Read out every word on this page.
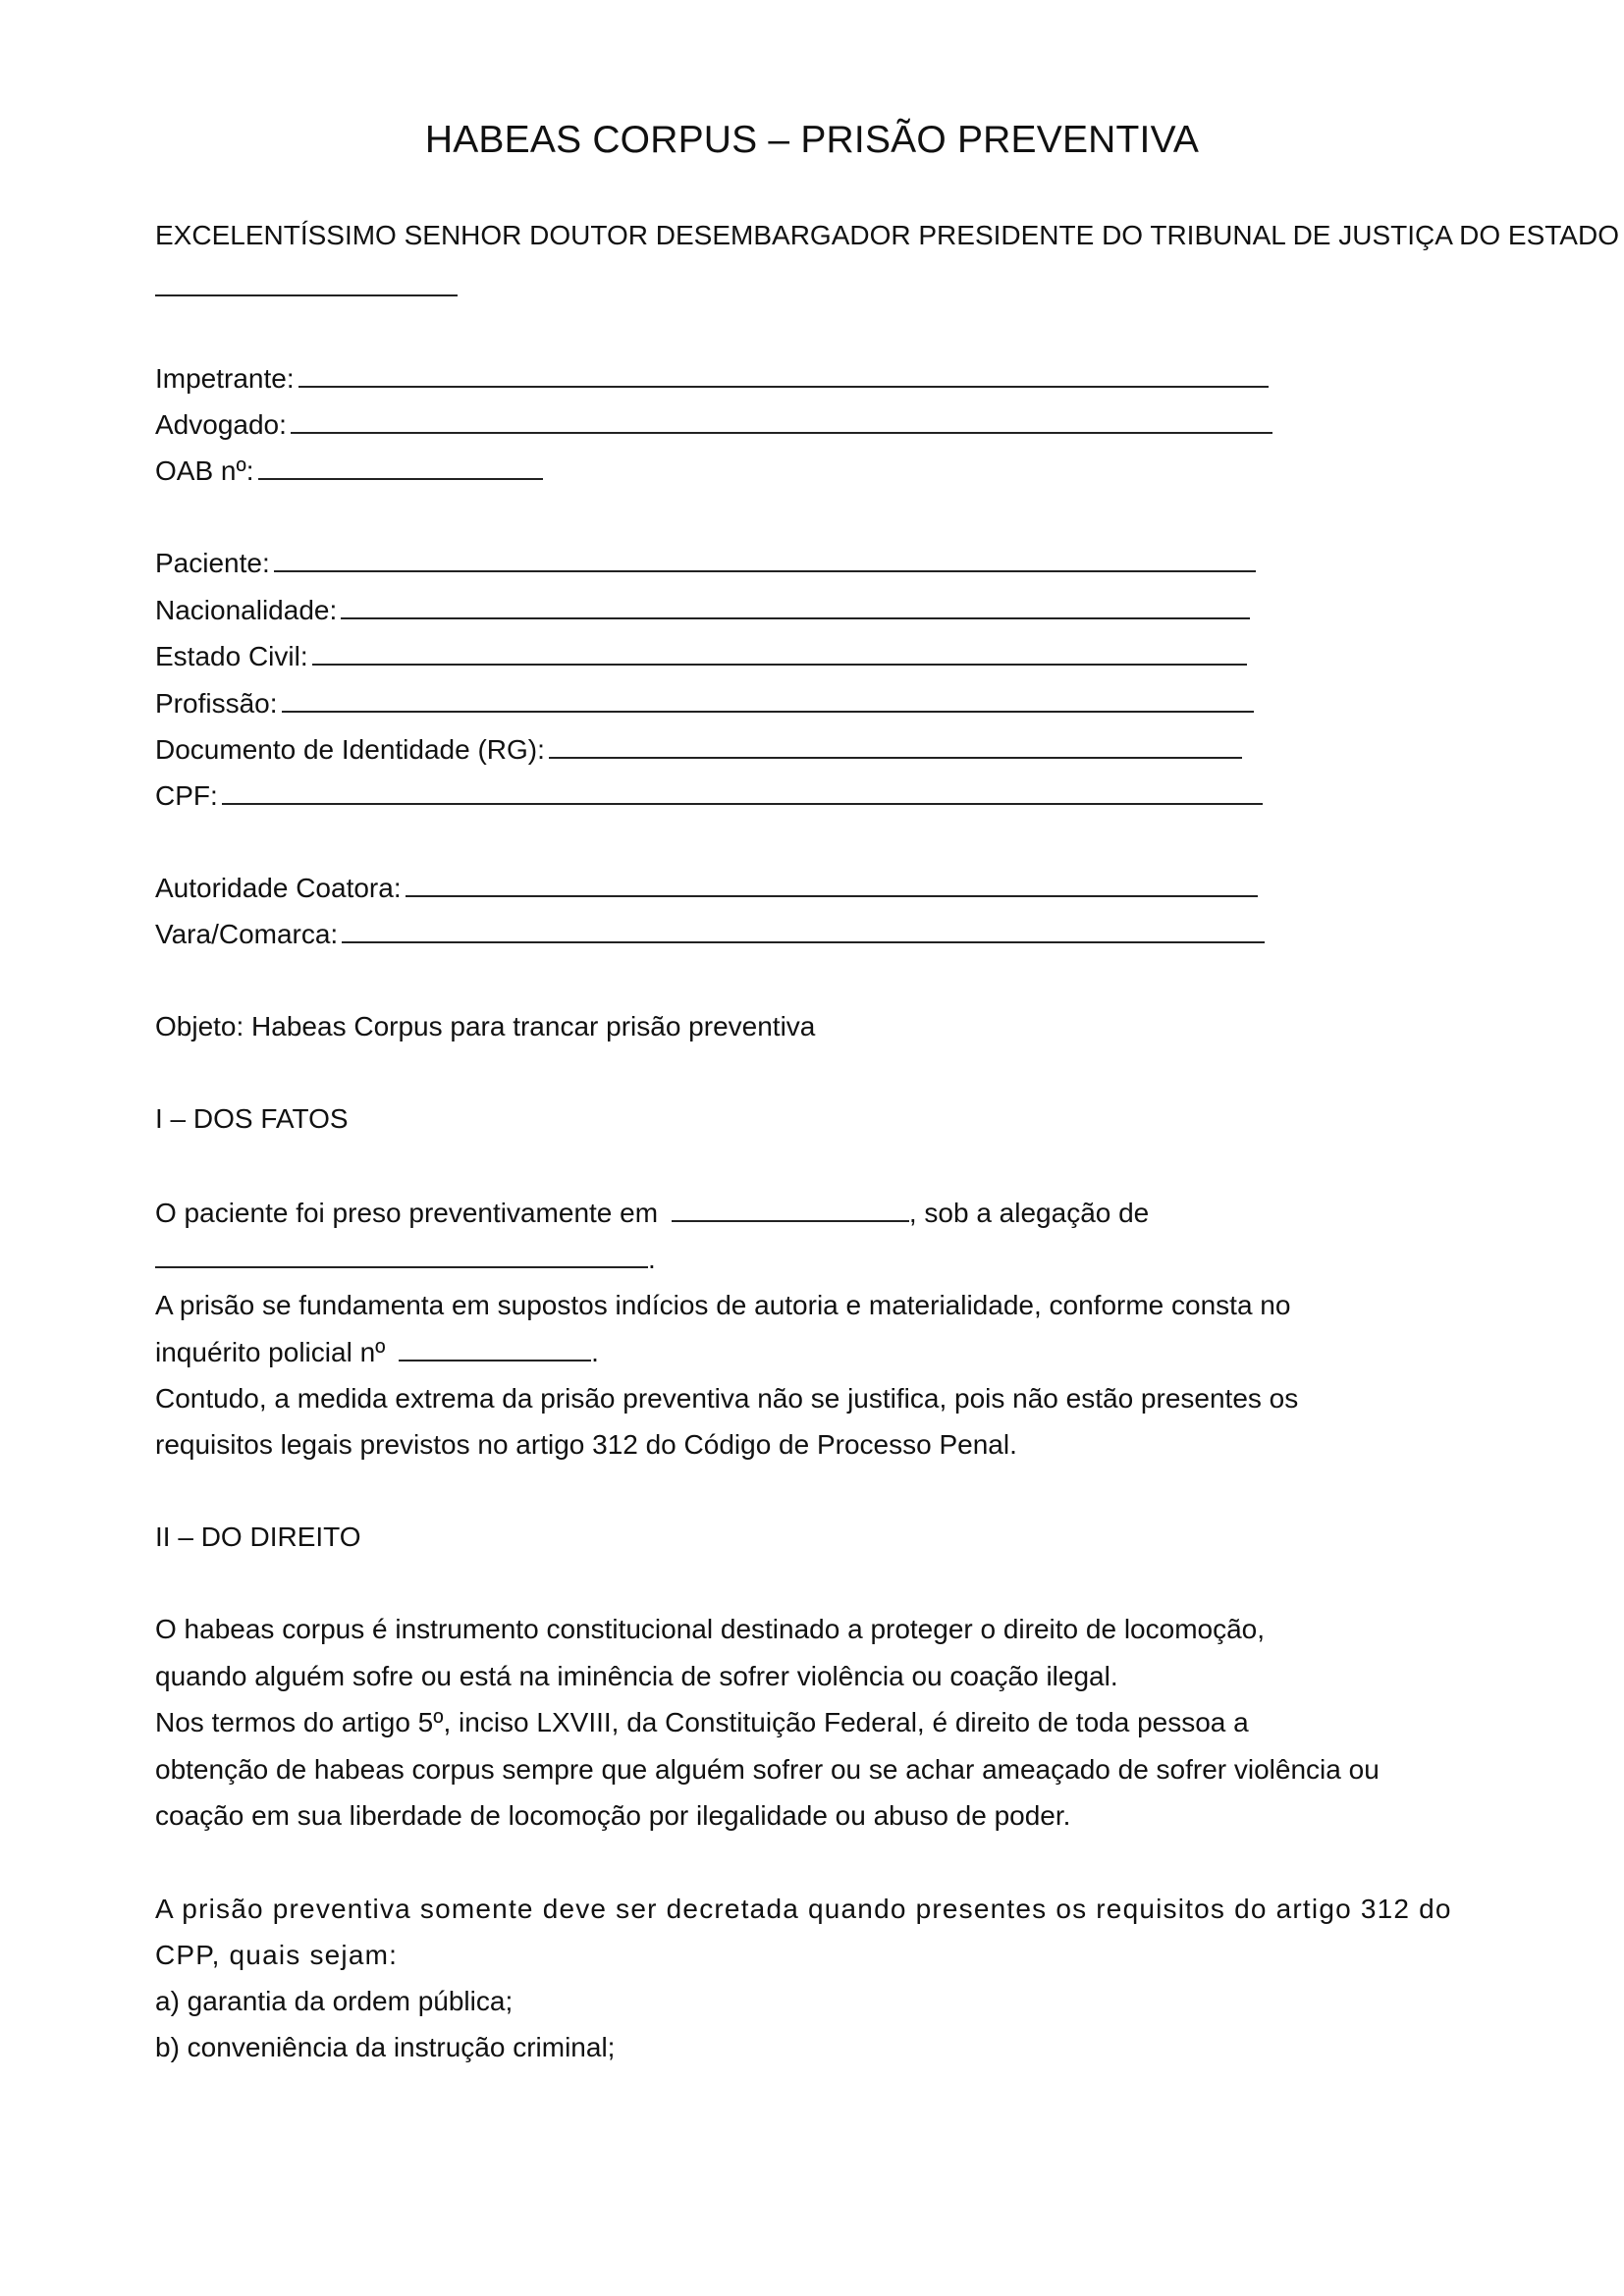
HABEAS CORPUS – PRISÃO PREVENTIVA
EXCELENTÍSSIMO SENHOR DOUTOR DESEMBARGADOR PRESIDENTE DO TRIBUNAL DE JUSTIÇA DO ESTADO
Impetrante:
Advogado:
OAB nº:
Paciente:
Nacionalidade:
Estado Civil:
Profissão:
Documento de Identidade (RG):
CPF:
Autoridade Coatora:
Vara/Comarca:
Objeto: Habeas Corpus para trancar prisão preventiva
I – DOS FATOS
O paciente foi preso preventivamente em	, sob a alegação de
.
A prisão se fundamenta em supostos indícios de autoria e materialidade, conforme consta no
inquérito policial nº	.
Contudo, a medida extrema da prisão preventiva não se justifica, pois não estão presentes os
requisitos legais previstos no artigo 312 do Código de Processo Penal.
II – DO DIREITO
O habeas corpus é instrumento constitucional destinado a proteger o direito de locomoção,
quando alguém sofre ou está na iminência de sofrer violência ou coação ilegal.
Nos termos do artigo 5º, inciso LXVIII, da Constituição Federal, é direito de toda pessoa a
obtenção de habeas corpus sempre que alguém sofrer ou se achar ameaçado de sofrer violência ou
coação em sua liberdade de locomoção por ilegalidade ou abuso de poder.
A prisão preventiva somente deve ser decretada quando presentes os requisitos do artigo 312 do
CPP, quais sejam:
a) garantia da ordem pública;
b) conveniência da instrução criminal;
